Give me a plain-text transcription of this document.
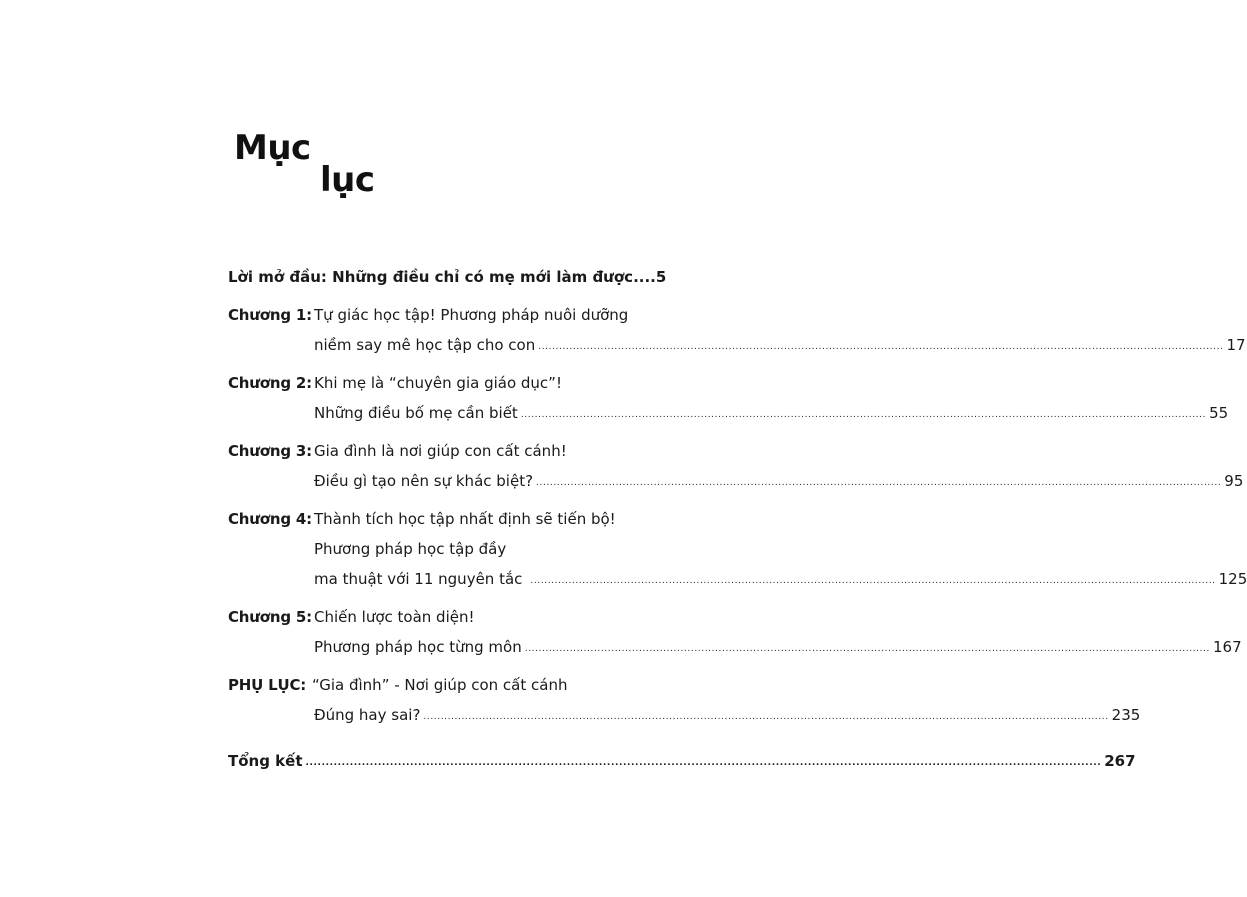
Mục
lục
Lời mở đầu: Những điều chỉ có mẹ mới làm được .... 5
Chương 1: Tự giác học tập! Phương pháp nuôi dưỡng
niềm say mê học tập cho con .....	17
Chương 2: Khi mẹ là “chuyên gia giáo dục”!
Những điều bố mẹ cần biết .....	55
Chương 3: Gia đình là nơi giúp con cất cánh!
Điều gì tạo nên sự khác biệt? .....	95
Chương 4: Thành tích học tập nhất định sẽ tiến bộ!
Phương pháp học tập đầy
ma thuật với 11 nguyên tắc .....	125
Chương 5: Chiến lược toàn diện!
Phương pháp học từng môn .....	167
PHỤ LỤC: “Gia đình” - Nơi giúp con cất cánh
Đúng hay sai? .....	235
Tổng kết .....	267
